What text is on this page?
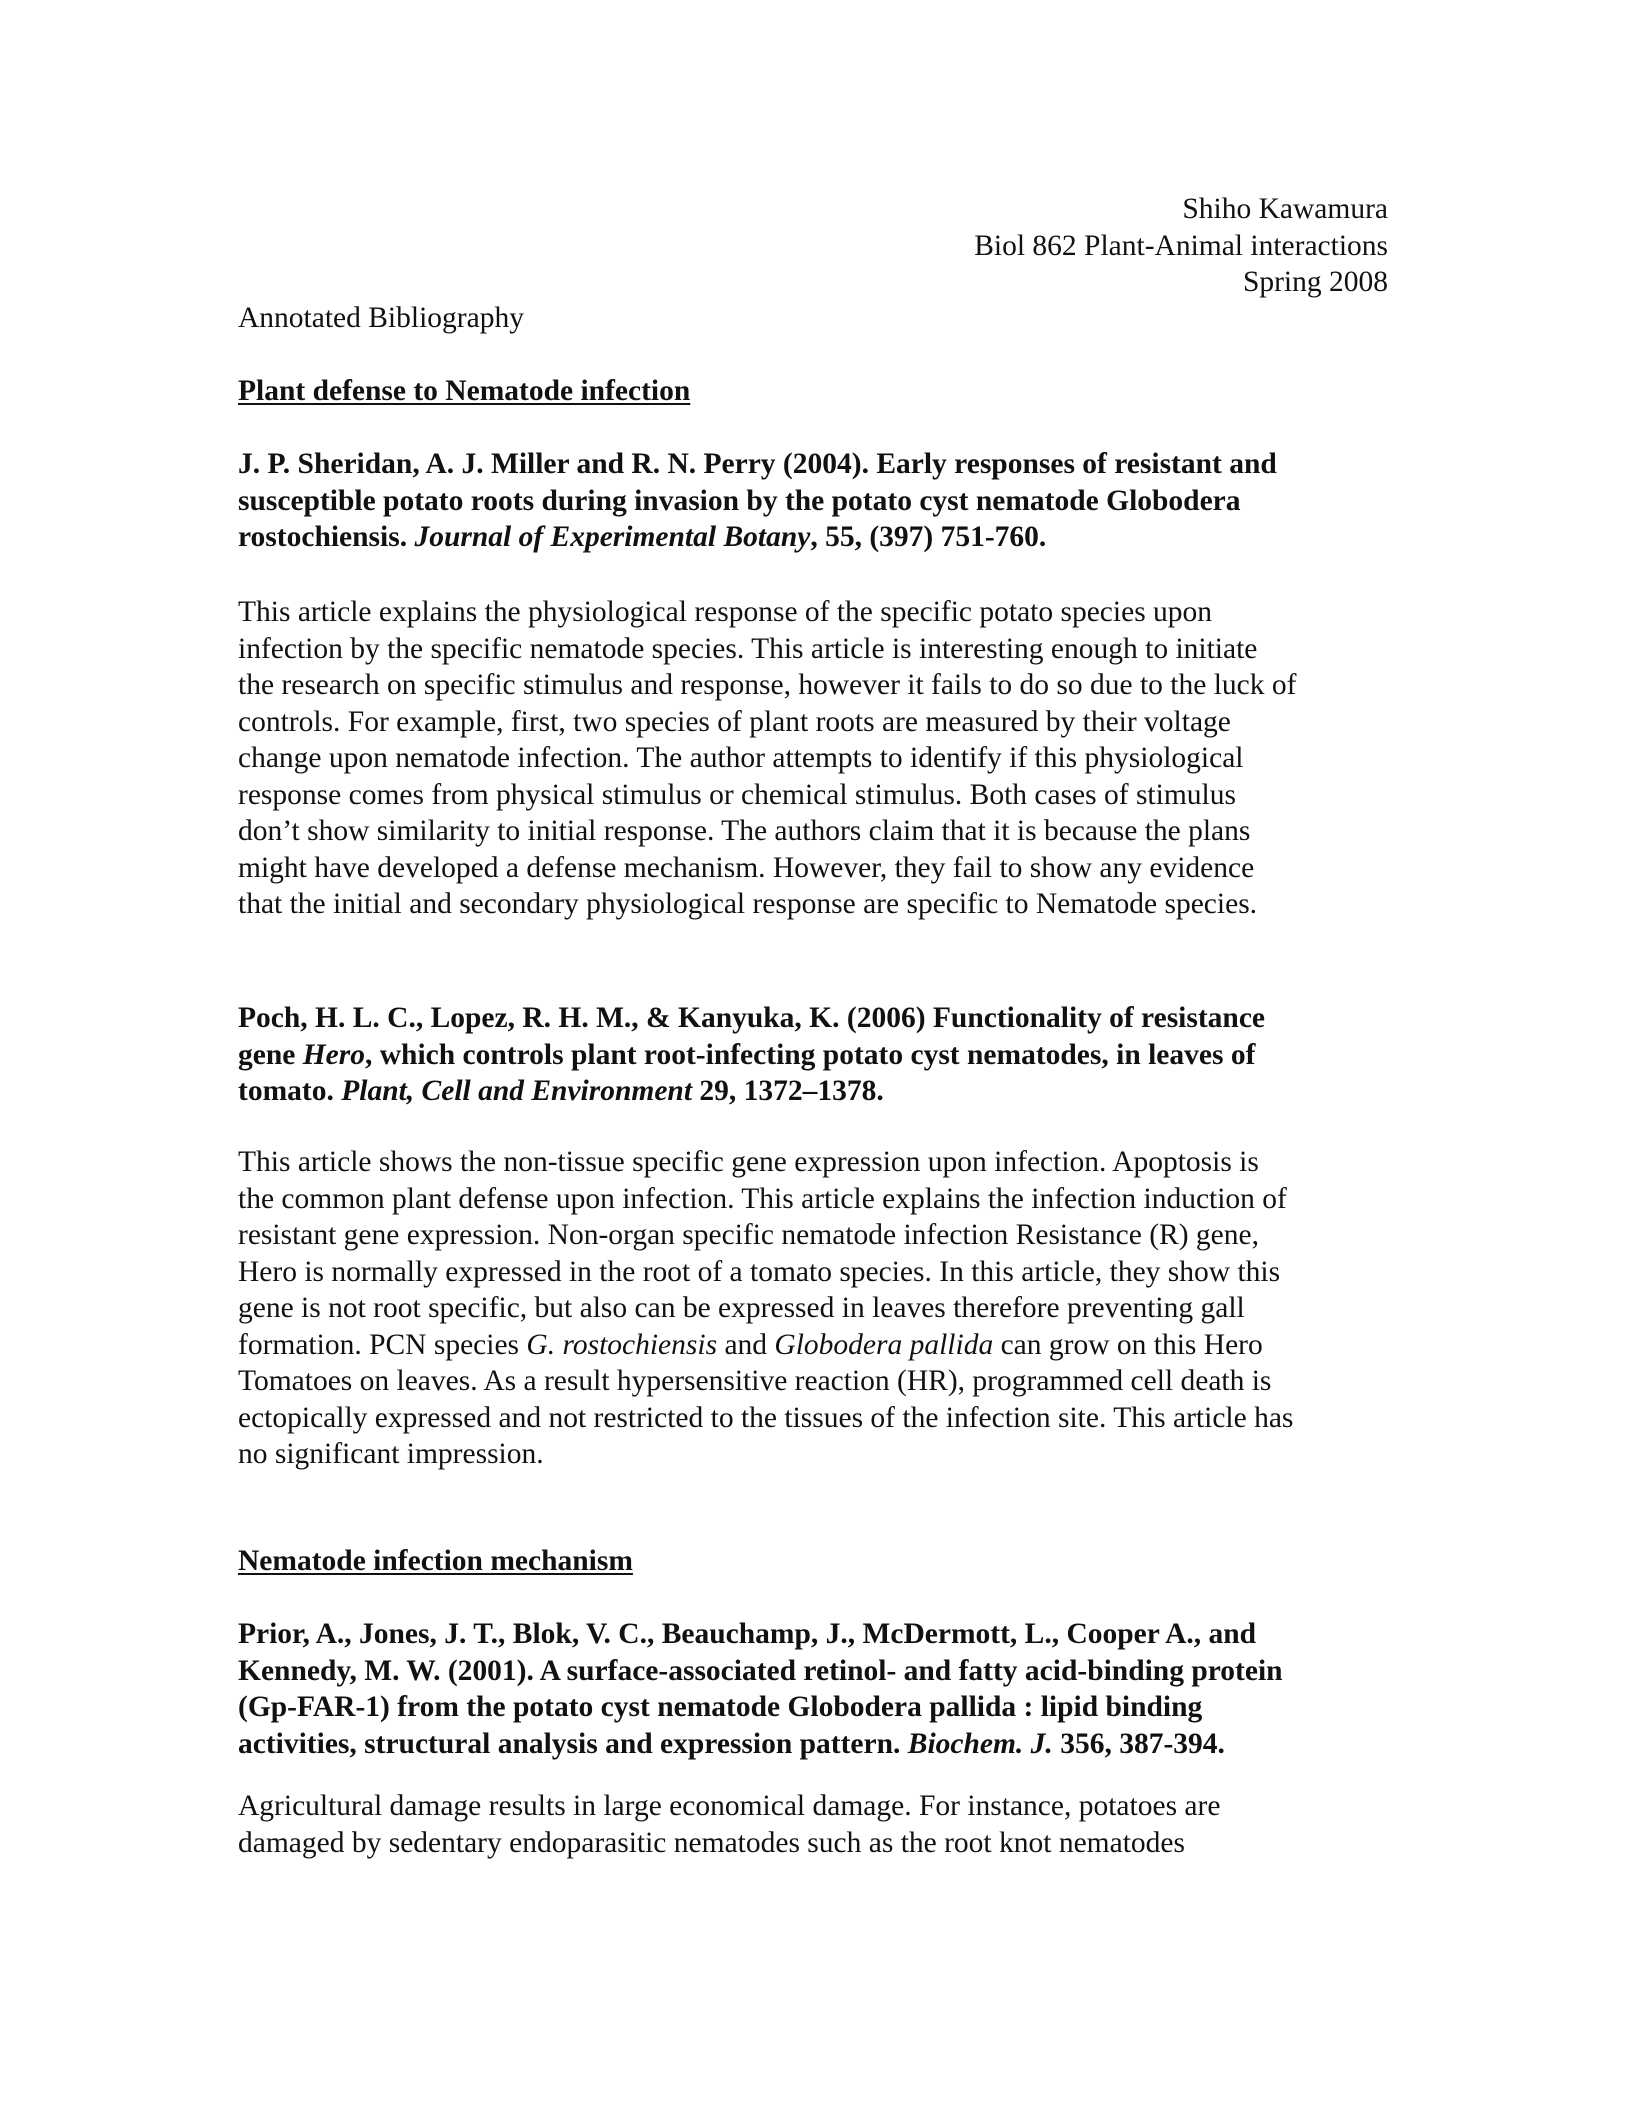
Shiho Kawamura
Biol 862 Plant-Animal interactions
Spring 2008
Annotated Bibliography
Plant defense to Nematode infection
J. P. Sheridan, A. J. Miller and R. N. Perry (2004). Early responses of resistant and
susceptible potato roots during invasion by the potato cyst nematode Globodera
rostochiensis. Journal of Experimental Botany, 55, (397) 751-760.
This article explains the physiological response of the specific potato species upon
infection by the specific nematode species. This article is interesting enough to initiate
the research on specific stimulus and response, however it fails to do so due to the luck of
controls. For example, first, two species of plant roots are measured by their voltage
change upon nematode infection. The author attempts to identify if this physiological
response comes from physical stimulus or chemical stimulus. Both cases of stimulus
don’t show similarity to initial response. The authors claim that it is because the plans
might have developed a defense mechanism. However, they fail to show any evidence
that the initial and secondary physiological response are specific to Nematode species.
Poch, H. L. C., Lopez, R. H. M., & Kanyuka, K. (2006) Functionality of resistance
gene Hero, which controls plant root-infecting potato cyst nematodes, in leaves of
tomato. Plant, Cell and Environment 29, 1372–1378.
This article shows the non-tissue specific gene expression upon infection. Apoptosis is
the common plant defense upon infection. This article explains the infection induction of
resistant gene expression. Non-organ specific nematode infection Resistance (R) gene,
Hero is normally expressed in the root of a tomato species. In this article, they show this
gene is not root specific, but also can be expressed in leaves therefore preventing gall
formation. PCN species G. rostochiensis and Globodera pallida can grow on this Hero
Tomatoes on leaves. As a result hypersensitive reaction (HR), programmed cell death is
ectopically expressed and not restricted to the tissues of the infection site. This article has
no significant impression.
Nematode infection mechanism
Prior, A., Jones, J. T., Blok, V. C., Beauchamp, J., McDermott, L., Cooper A., and
Kennedy, M. W. (2001). A surface-associated retinol- and fatty acid-binding protein
(Gp-FAR-1) from the potato cyst nematode Globodera pallida : lipid binding
activities, structural analysis and expression pattern. Biochem. J. 356, 387-394.
Agricultural damage results in large economical damage. For instance, potatoes are
damaged by sedentary endoparasitic nematodes such as the root knot nematodes
